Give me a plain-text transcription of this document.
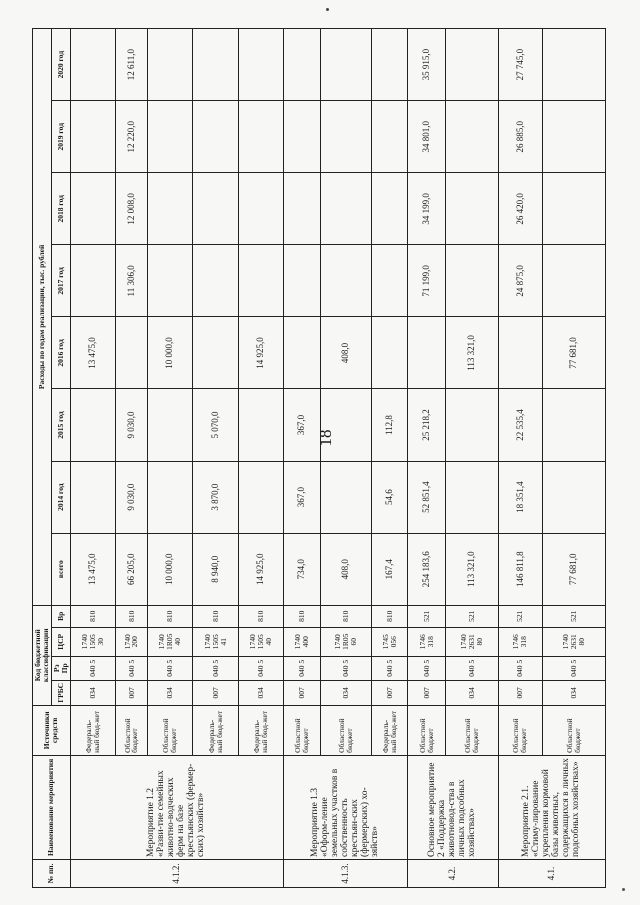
18
№ пп.	Наименование мероприятия	Источники средств	Код бюджетной классификации				Расходы по годам реализации, тыс. рублей							
			ГРБС	Рз Пр	ЦСР	Вр	всего	2014 год	2015 год	2016 год	2017 год	2018 год	2019 год	2020 год
4.1.2.	Мероприятие 1.2 «Разви-тие семейных животно-водческих ферм на базе крестьянских (фермер-ских) хозяйств»	Федераль-ный бюд-жет	034	040 5	1740 1505 30	810	13 475,0			13 475,0				
		Областной бюджет	007	040 5	1740 200	810	66 205,0	9 030,0	9 030,0		11 306,0	12 008,0	12 220,0	12 611,0
		Областной бюджет	034	040 5	1740 1R05 40	810	10 000,0			10 000,0				
		Федераль-ный бюд-жет	007	040 5	1740 1505 41	810	8 940,0	3 870,0	5 070,0					
		Федераль-ный бюд-жет	034	040 5	1740 1505 40	810	14 925,0			14 925,0				
4.1.3.	Мероприятие 1.3 «Оформ-ление земельных участков в собственность крестьян-ских (фермерских) хо-зяйств»	Областной бюджет	007	040 5	1740 400	810	734,0	367,0	367,0					
		Областной бюджет	034	040 5	1740 1R05 60	810	408,0			408,0				
		Федераль-ный бюд-жет	007	040 5	1745 056	810	167,4	54,6	112,8					
4.2.	Основное мероприятие 2 «Поддержка животновод-ства в личных подсобных хозяйствах»	Областной бюджет	007	040 5	1746 318	521	254 183,6	52 851,4	25 218,2		71 199,0	34 199,0	34 801,0	35 915,0
		Областной бюджет	034	040 5	1740 2631 80	521	113 321,0			113 321,0				
4.1.	Мероприятие 2.1. «Стиму-лирование укрепления кормовой базы животных, содержащихся в личных подсобных хозяйствах»	Областной бюджет	007	040 5	1746 318	521	146 811,8	18 351,4	22 535,4		24 875,0	26 420,0	26 885,0	27 745,0
		Областной бюджет	034	040 5	1740 2631 80	521	77 681,0			77 681,0				
